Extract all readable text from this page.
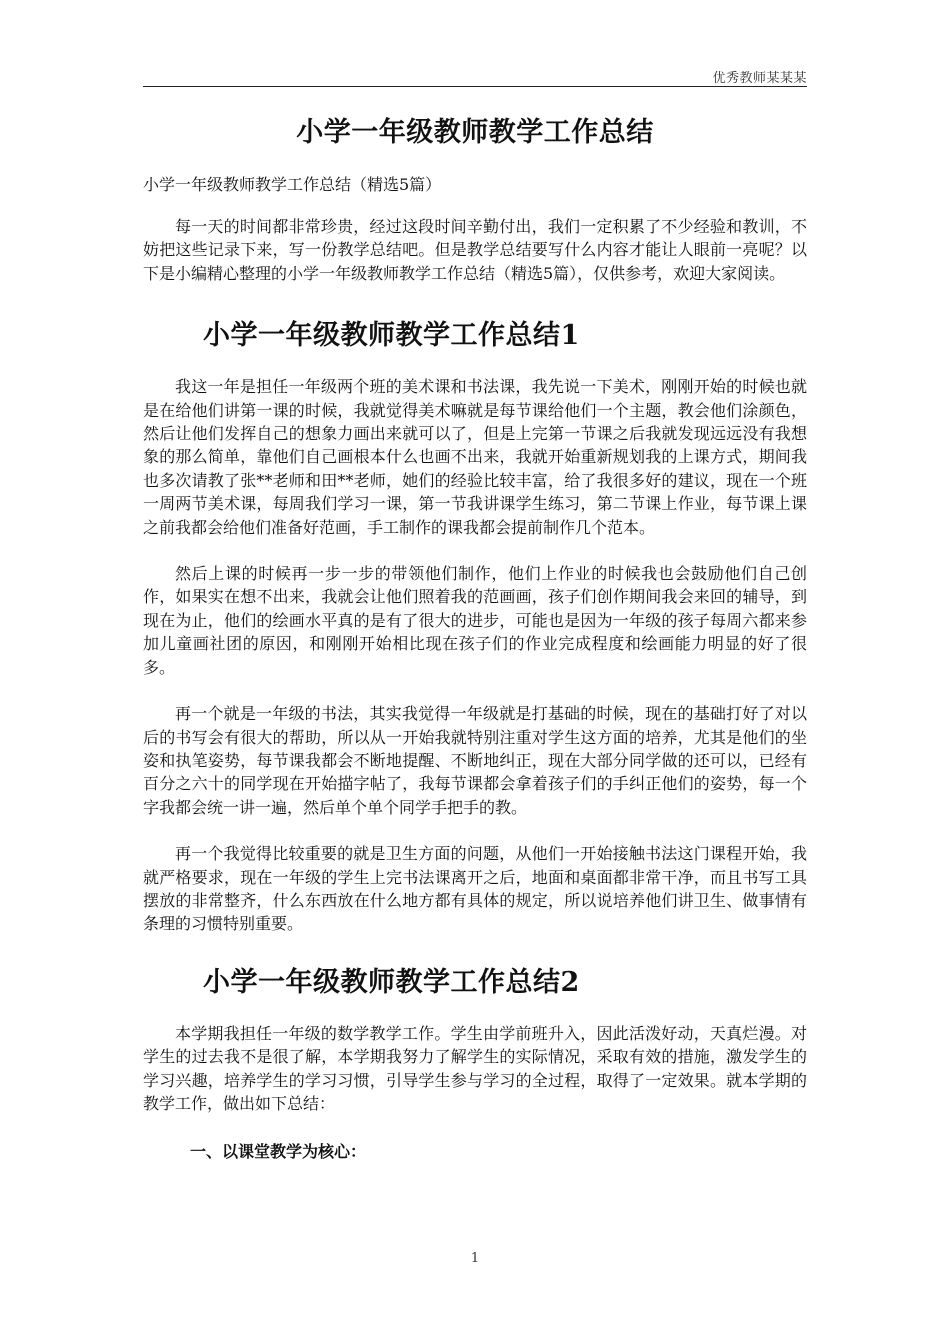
优秀教师某某某
小学一年级教师教学工作总结

小学一年级教师教学工作总结（精选5篇）

每一天的时间都非常珍贵，经过这段时间辛勤付出，我们一定积累了不少经验和教训，不妨把这些记录下来，写一份教学总结吧。但是教学总结要写什么内容才能让人眼前一亮呢？以下是小编精心整理的小学一年级教师教学工作总结（精选5篇），仅供参考，欢迎大家阅读。

小学一年级教师教学工作总结1

我这一年是担任一年级两个班的美术课和书法课，我先说一下美术，刚刚开始的时候也就是在给他们讲第一课的时候，我就觉得美术嘛就是每节课给他们一个主题，教会他们涂颜色，然后让他们发挥自己的想象力画出来就可以了，但是上完第一节课之后我就发现远远没有我想象的那么简单，靠他们自己画根本什么也画不出来，我就开始重新规划我的上课方式，期间我也多次请教了张**老师和田**老师，她们的经验比较丰富，给了我很多好的建议，现在一个班一周两节美术课，每周我们学习一课，第一节我讲课学生练习，第二节课上作业，每节课上课之前我都会给他们准备好范画，手工制作的课我都会提前制作几个范本。

然后上课的时候再一步一步的带领他们制作，他们上作业的时候我也会鼓励他们自己创作，如果实在想不出来，我就会让他们照着我的范画画，孩子们创作期间我会来回的辅导，到现在为止，他们的绘画水平真的是有了很大的进步，可能也是因为一年级的孩子每周六都来参加儿童画社团的原因，和刚刚开始相比现在孩子们的作业完成程度和绘画能力明显的好了很多。

再一个就是一年级的书法，其实我觉得一年级就是打基础的时候，现在的基础打好了对以后的书写会有很大的帮助，所以从一开始我就特别注重对学生这方面的培养，尤其是他们的坐姿和执笔姿势，每节课我都会不断地提醒、不断地纠正，现在大部分同学做的还可以，已经有百分之六十的同学现在开始描字帖了，我每节课都会拿着孩子们的手纠正他们的姿势，每一个字我都会统一讲一遍，然后单个单个同学手把手的教。

再一个我觉得比较重要的就是卫生方面的问题，从他们一开始接触书法这门课程开始，我就严格要求，现在一年级的学生上完书法课离开之后，地面和桌面都非常干净，而且书写工具摆放的非常整齐，什么东西放在什么地方都有具体的规定，所以说培养他们讲卫生、做事情有条理的习惯特别重要。

小学一年级教师教学工作总结2

本学期我担任一年级的数学教学工作。学生由学前班升入，因此活泼好动，天真烂漫。对学生的过去我不是很了解，本学期我努力了解学生的实际情况，采取有效的措施，激发学生的学习兴趣，培养学生的学习习惯，引导学生参与学习的全过程，取得了一定效果。就本学期的教学工作，做出如下总结：

一、以课堂教学为核心：

1
